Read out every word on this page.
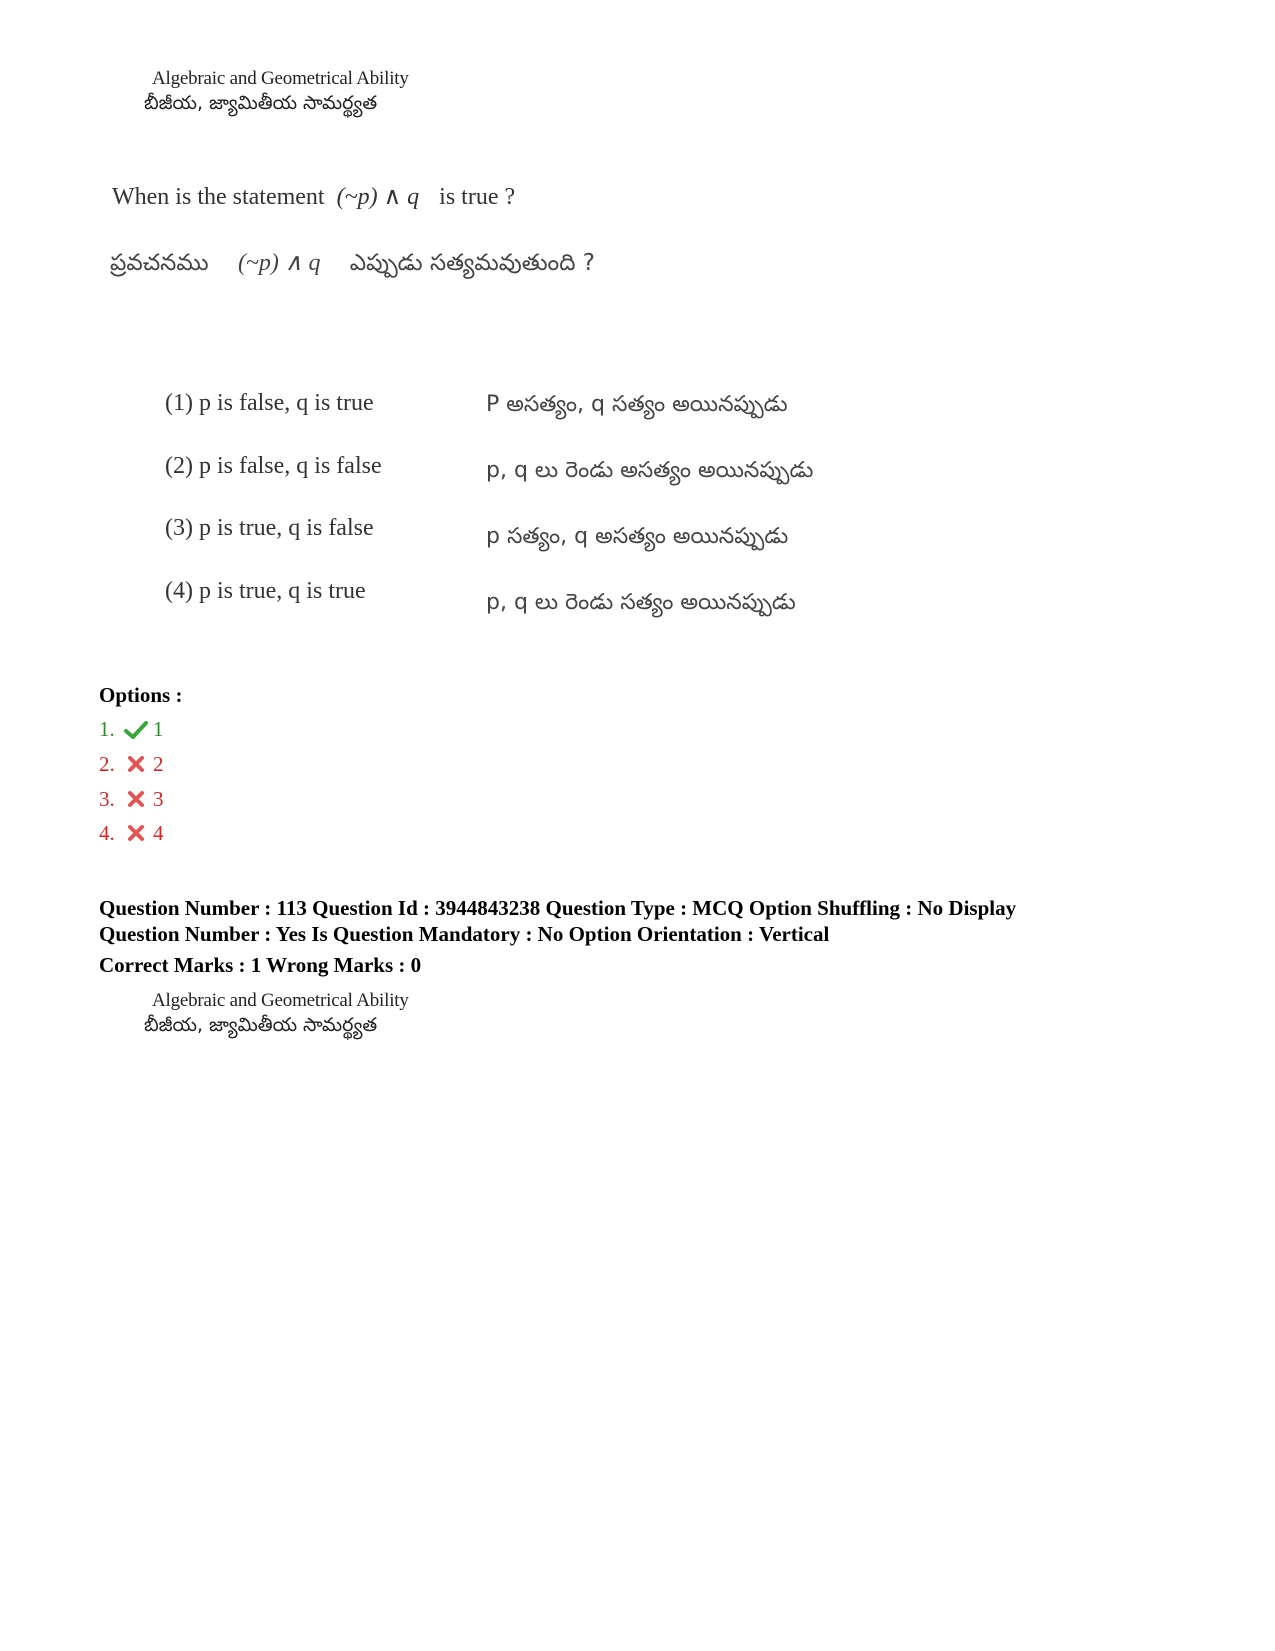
Algebraic and Geometrical Ability
బీజీయ, జ్యామితీయ సామర్థ్యత
When is the statement (~p) ∧ q is true ?
ప్రవచనము (~p) ∧ q ఎప్పుడు సత్యమవుతుంది ?
(1) p is false, q is true	P అసత్యం, q సత్యం అయినప్పుడు
(2) p is false, q is false	p, q లు రెండు అసత్యం అయినప్పుడు
(3) p is true, q is false	p సత్యం, q అసత్యం అయినప్పుడు
(4) p is true, q is true	p, q లు రెండు సత్యం అయినప్పుడు
Options :
1.	1
2.	2
3.	3
4.	4
Question Number : 113 Question Id : 3944843238 Question Type : MCQ Option Shuffling : No Display
Question Number : Yes Is Question Mandatory : No Option Orientation : Vertical
Correct Marks : 1 Wrong Marks : 0
Algebraic and Geometrical Ability
బీజీయ, జ్యామితీయ సామర్థ్యత
